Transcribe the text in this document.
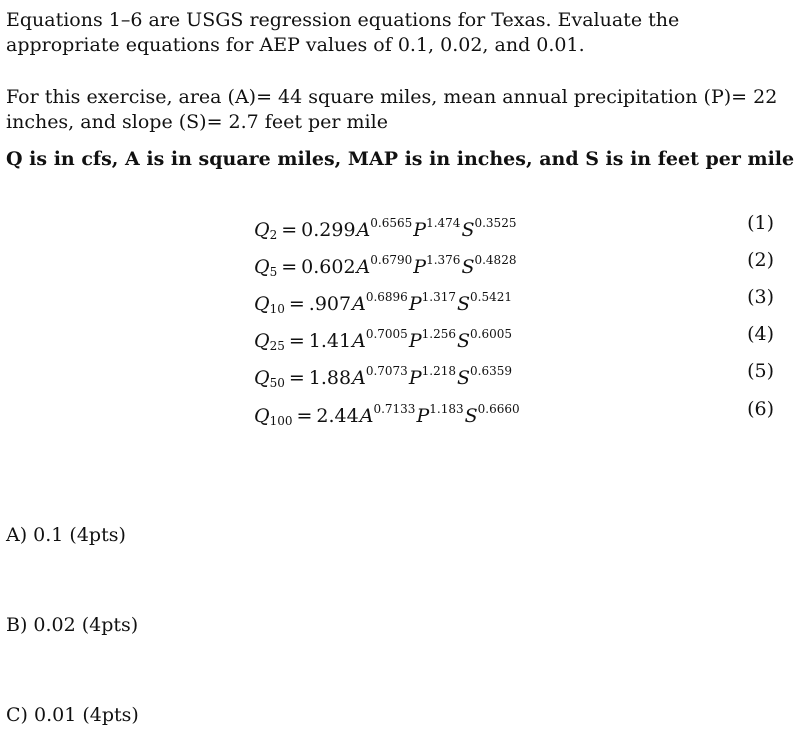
Equations 1–6 are USGS regression equations for Texas. Evaluate the appropriate equations for AEP values of 0.1, 0.02, and 0.01.

For this exercise, area (A)= 44 square miles, mean annual precipitation (P)= 22 inches, and slope (S)= 2.7 feet per mile

Q is in cfs, A is in square miles, MAP is in inches, and S is in feet per mile

$Q_2 = 0.299A^{0.6565}P^{1.474}S^{0.3525}$	(1)
$Q_5 = 0.602A^{0.6790}P^{1.376}S^{0.4828}$	(2)
$Q_{10} = .907A^{0.6896}P^{1.317}S^{0.5421}$	(3)
$Q_{25} = 1.41A^{0.7005}P^{1.256}S^{0.6005}$	(4)
$Q_{50} = 1.88A^{0.7073}P^{1.218}S^{0.6359}$	(5)
$Q_{100} = 2.44A^{0.7133}P^{1.183}S^{0.6660}$	(6)
A) 0.1 (4pts)
B) 0.02 (4pts)
C) 0.01 (4pts)
